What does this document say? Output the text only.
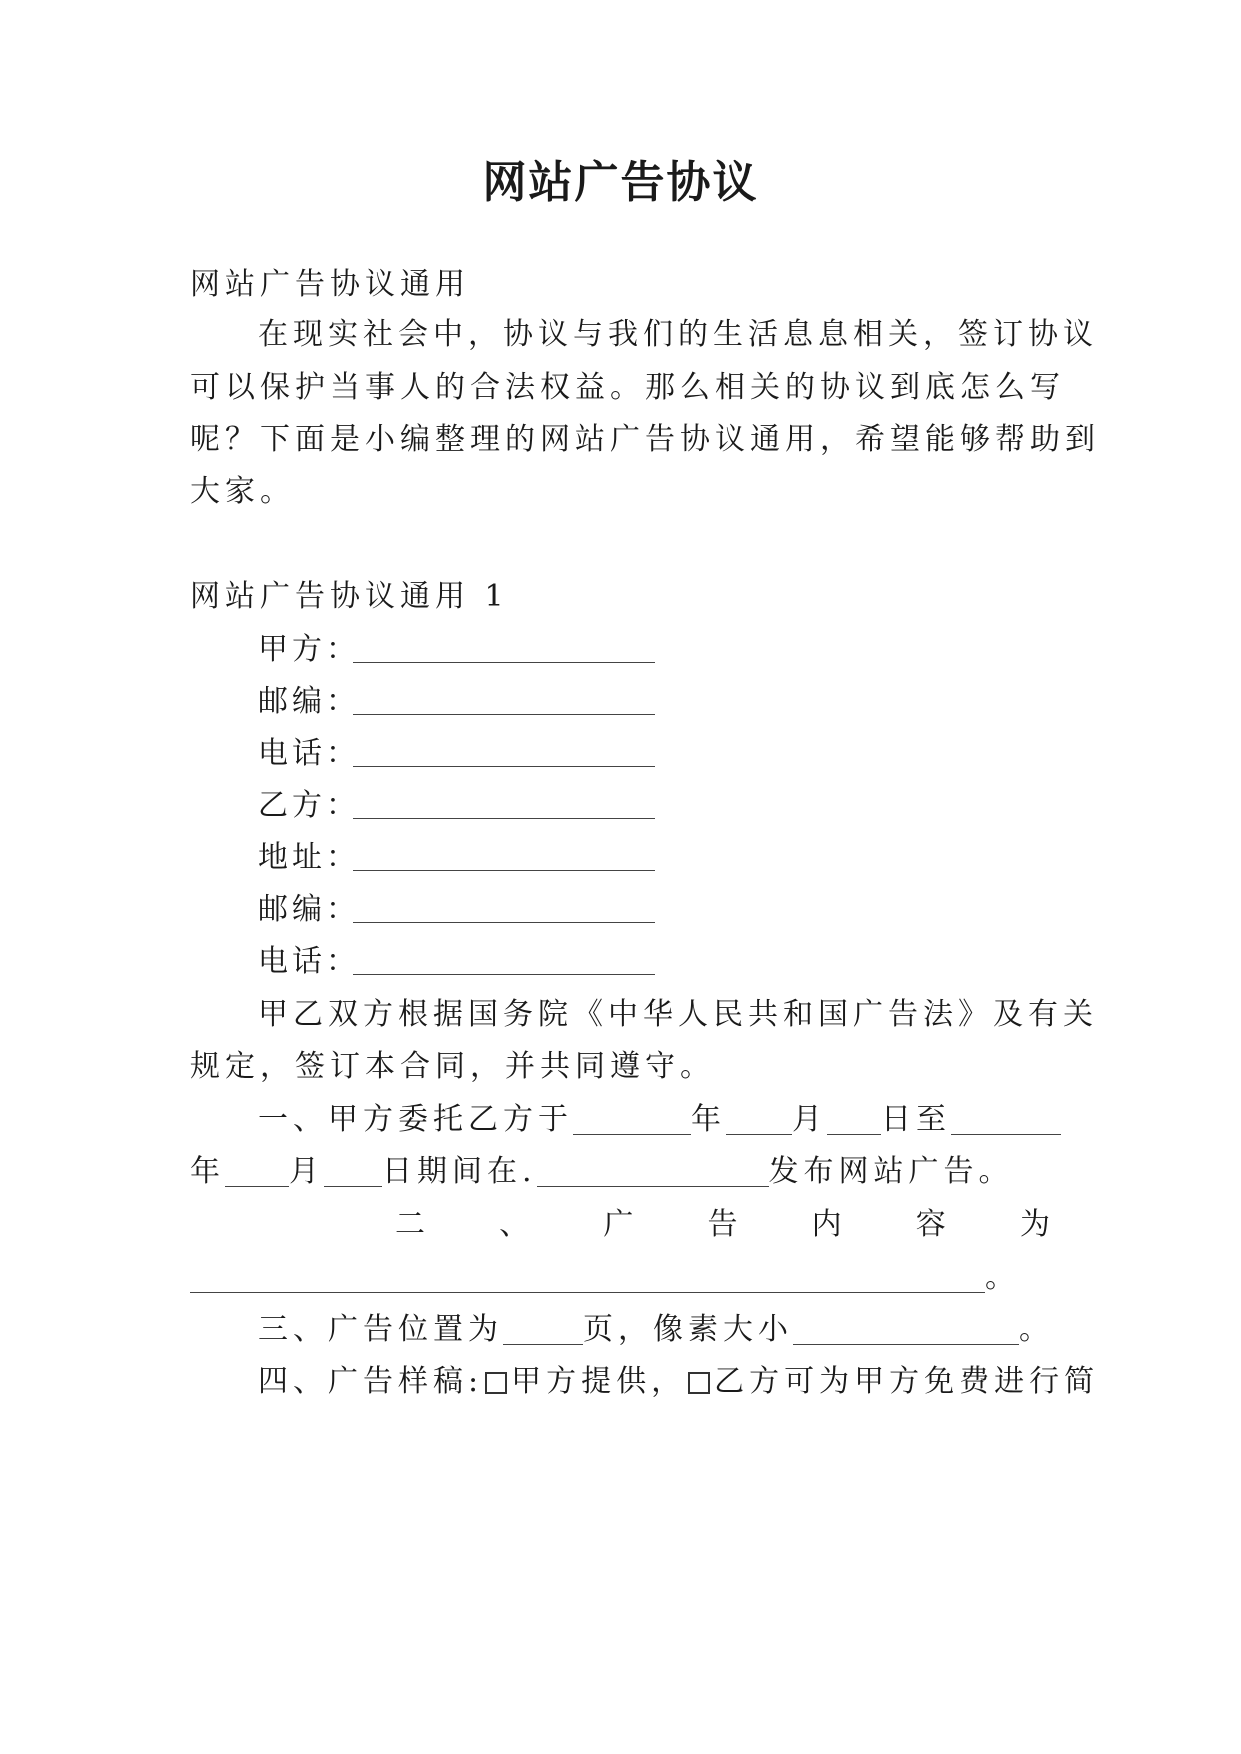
网站广告协议
网站广告协议通用
在现实社会中，协议与我们的生活息息相关，签订协议
可以保护当事人的合法权益。那么相关的协议到底怎么写
呢？下面是小编整理的网站广告协议通用，希望能够帮助到
大家。
网站广告协议通用 1
甲方：
邮编：
电话：
乙方：
地址：
邮编：
电话：
甲乙双方根据国务院《中华人民共和国广告法》及有关
规定，签订本合同，并共同遵守。
一、甲方委托乙方于	年 月 日至
年 月 日期间在.	发布网站广告。
二 、 广 告 内 容 为
。
三、广告位置为	页，像素大小	。
四、广告样稿: 甲方提供， 乙方可为甲方免费进行简
